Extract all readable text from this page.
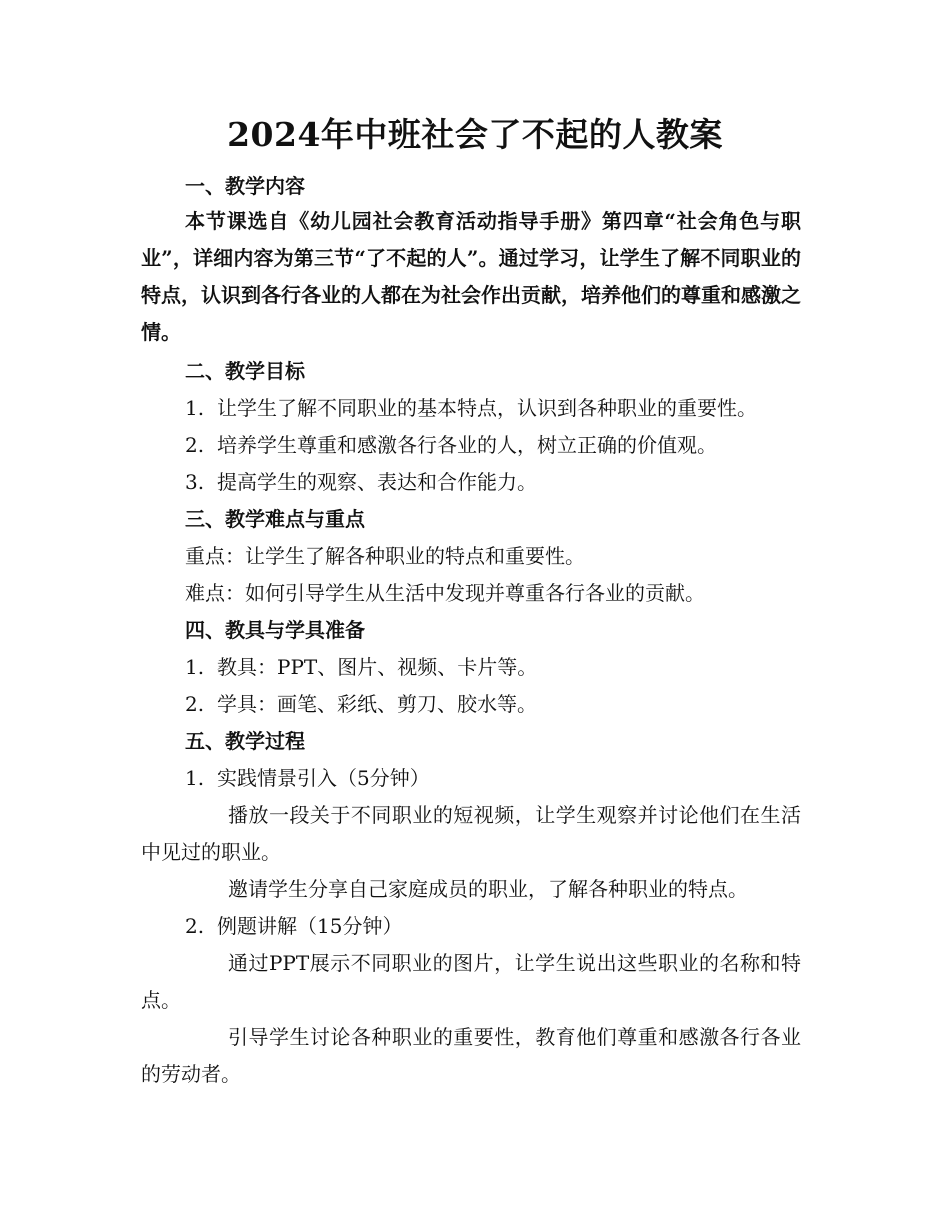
2024年中班社会了不起的人教案
一、教学内容
本节课选自《幼儿园社会教育活动指导手册》第四章“社会角色与职业”，详细内容为第三节“了不起的人”。通过学习，让学生了解不同职业的特点，认识到各行各业的人都在为社会作出贡献，培养他们的尊重和感激之情。
二、教学目标
1. 让学生了解不同职业的基本特点，认识到各种职业的重要性。
2. 培养学生尊重和感激各行各业的人，树立正确的价值观。
3. 提高学生的观察、表达和合作能力。
三、教学难点与重点
重点：让学生了解各种职业的特点和重要性。
难点：如何引导学生从生活中发现并尊重各行各业的贡献。
四、教具与学具准备
1. 教具：PPT、图片、视频、卡片等。
2. 学具：画笔、彩纸、剪刀、胶水等。
五、教学过程
1. 实践情景引入（5分钟）
播放一段关于不同职业的短视频，让学生观察并讨论他们在生活中见过的职业。
邀请学生分享自己家庭成员的职业，了解各种职业的特点。
2. 例题讲解（15分钟）
通过PPT展示不同职业的图片，让学生说出这些职业的名称和特点。
引导学生讨论各种职业的重要性，教育他们尊重和感激各行各业的劳动者。
